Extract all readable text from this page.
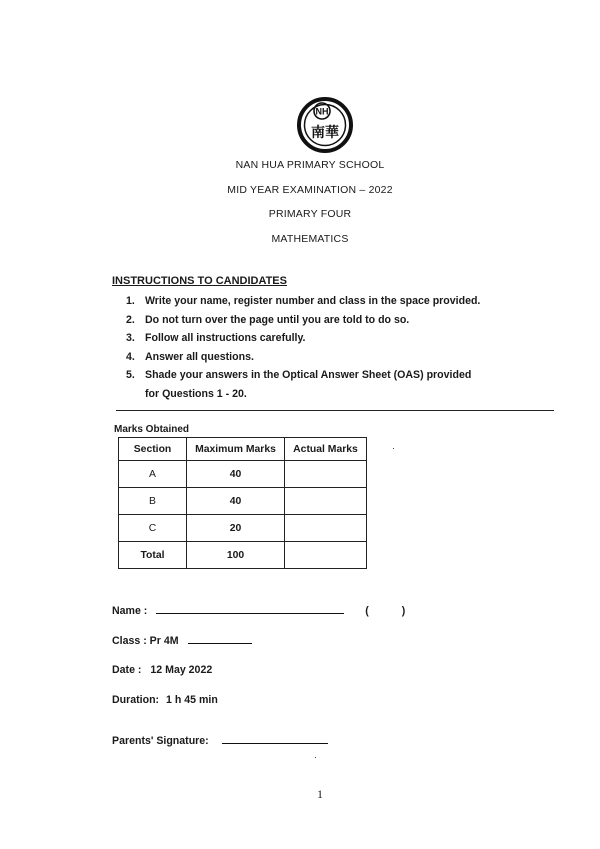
NH
南華
NAN HUA PRIMARY SCHOOL
MID YEAR EXAMINATION – 2022
PRIMARY FOUR
MATHEMATICS
INSTRUCTIONS TO CANDIDATES
1. Write your name, register number and class in the space provided.
2. Do not turn over the page until you are told to do so.
3. Follow all instructions carefully.
4. Answer all questions.
5. Shade your answers in the Optical Answer Sheet (OAS) provided
for Questions 1 - 20.
Marks Obtained
Section	Maximum Marks	Actual Marks
A	40	
B	40	
C	20	
Total	100	
·
Name :	(	)
Class : Pr 4M
Date : 12 May 2022
Duration: 1 h 45 min
Parents' Signature:
·
1
